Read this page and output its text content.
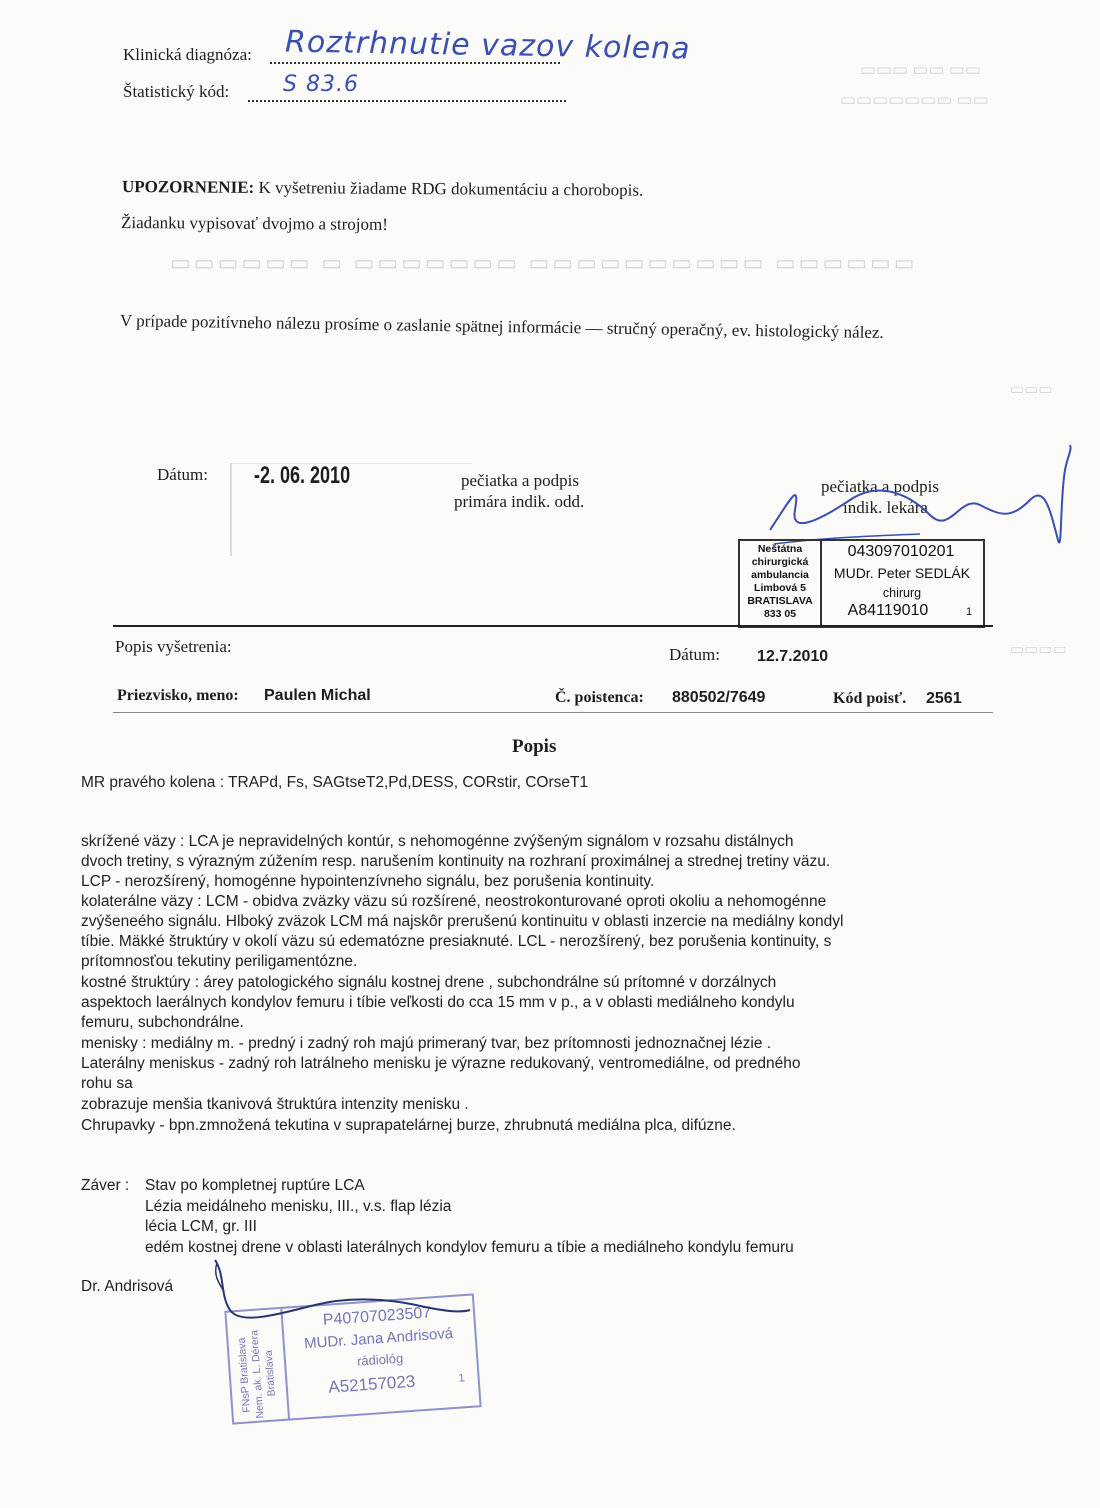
▭▭▭ ▭▭ ▭▭
▭▭▭▭▭▭▭ ▭▭
▭▭▭▭▭▭ ▭ ▭▭▭▭▭▭▭ ▭▭▭▭▭▭▭▭▭▭ ▭▭▭▭▭▭
▭▭▭
▭▭▭▭
Klinická diagnóza: Roztrhnutie vazov kolena
Štatistický kód: S 83.6
UPOZORNENIE: K vyšetreniu žiadame RDG dokumentáciu a chorobopis.
Žiadanku vypisovať dvojmo a strojom!
V prípade pozitívneho nálezu prosíme o zaslanie spätnej informácie — stručný operačný, ev. histologický nález.
Dátum: -2. 06. 2010	pečiatka a podpis
primára indik. odd.
pečiatka a podpis
indik. lekára
Neštátna
chirurgická
ambulancia
Limbová 5
BRATISLAVA
833 05
043097010201
MUDr. Peter SEDLÁK
chirurg
A84119010	1
Popis vyšetrenia:	Dátum: 12.7.2010
Priezvisko, meno: Paulen Michal	Č. poistenca: 880502/7649	Kód poisť. 2561
Popis
MR pravého kolena : TRAPd, Fs, SAGtseT2,Pd,DESS, CORstir, COrseT1
skrížené väzy : LCA je nepravidelných kontúr, s nehomogénne zvýšeným signálom v rozsahu distálnych
dvoch tretiny, s výrazným zúžením resp. narušením kontinuity na rozhraní proximálnej a strednej tretiny väzu.
LCP - nerozšírený, homogénne hypointenzívneho signálu, bez porušenia kontinuity.
kolaterálne väzy : LCM - obidva zväzky väzu sú rozšírené, neostrokonturované oproti okoliu a nehomogénne
zvýšeneého signálu. Hlboký zväzok LCM má najskôr prerušenú kontinuitu v oblasti inzercie na mediálny kondyl
tíbie. Mäkké štruktúry v okolí väzu sú edematózne presiaknuté. LCL - nerozšírený, bez porušenia kontinuity, s
prítomnosťou tekutiny periligamentózne.
kostné štruktúry : árey patologického signálu kostnej drene , subchondrálne sú prítomné v dorzálnych
aspektoch laerálnych kondylov femuru i tíbie veľkosti do cca 15 mm v p., a v oblasti mediálneho kondylu
femuru, subchondrálne.
menisky : mediálny m. - predný i zadný roh majú primeraný tvar, bez prítomnosti jednoznačnej lézie .
Laterálny meniskus - zadný roh latrálneho menisku je výrazne redukovaný, ventromediálne, od predného
rohu sa
zobrazuje menšia tkanivová štruktúra intenzity menisku .
Chrupavky - bpn.zmnožená tekutina v suprapatelárnej burze, zhrubnutá mediálna plca, difúzne.
Záver : Stav po kompletnej ruptúre LCA
Lézia meidálneho menisku, III., v.s. flap lézia
lécia LCM, gr. III
edém kostnej drene v oblasti laterálnych kondylov femuru a tíbie a mediálneho kondylu femuru
Dr. Andrisová
FNsP Bratislava
Nem. ak. L. Dérera
Bratislava
P40707023507
MUDr. Jana Andrisová
rádiológ
A52157023	1
